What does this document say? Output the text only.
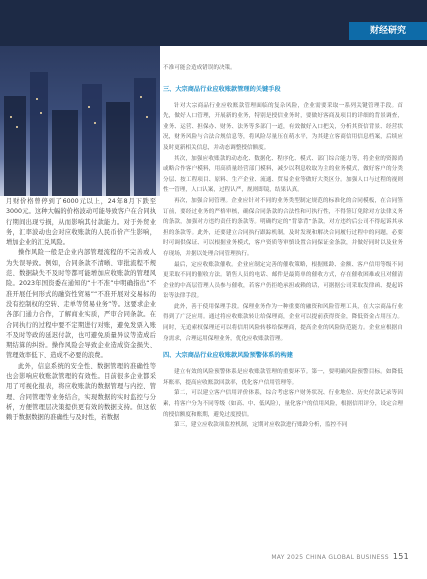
财经研究

月财价格曾停到了6000元以上，24年8月下跌至3000元。这种大幅的价格波动可能导致客户在合同执行期间出现亏损，从而影响其付款能力。对于外贸业务，汇率波动也会对应收账款的人民币价产生影响，增加企业的汇兑风险。

操作风险一般是企业内部管理流程的不完善或人为失误导致。例如，合同条款不清晰、审批流程不规范、数据缺失不及时等都可能增加应收账款的管理风险。2023年国资委在通知的“十不准”中明确指出“不准开展任何形式的融资性贸易”“不准开展对交易标的没有控制权的空转、走单等贸易业务”等。这要求企业各部门通力合作，了解商业实质，严审合同条款。在合同执行的过程中要不定期进行对账，避免发票入账不及时等政的延迟付款，也可避免质量异议等造成后期结算的纠纷。操作风险会导致企业造成资金损失、管理效率低下、造成不必要的浪费。

此外，信息系统的安全性、数据管理的准确性等也会影响应收账款管理的有效性。目前很多企业都采用了可视化报表，将应收账款的数据管理与内控、管理、合同管理等业务结合，实现数据的实时监控与分析，方便管理层决策提供更有效的数据支持。但这依赖于数据数据的准确性与及时性，若数据

不准可能会造成错误的决策。

三、大宗商品行业应收账款管理的关键手段

针对大宗商品行业应收账款管理面临的复杂风险，企业需要采取一系列关键管理手段。首先，做好人口管理，开展新的业务，特别是授信业务时，要做好客商及项目的详细的背景调查，业务、运营、担保办、财务、法务等多部门一道，有效做好入口把关，分析其资信背景、经营状况，财务风险与合法合规信息等，将风险尽量压在萌水平，为其建立客商信用信息档案，后续应及时更新相关信息，并动态调整授信额度。

其次，加强应收账款的动态化、数据化、程序化、模式、部门综合能力等，将企业的资源尚或略合作客户模料，用高质量经营部门模料，减少以利息收取为主的业务模式，做好客户的分类分层、按工程项目、原料、生产企业、流通、贸易企业等做好大类区分。加强人口与过程的视则性一管理，人口认案，过程认严，规则即镜，结果认真。

再次，加强合同管理。企业应针对不同的业务类型制定规范的标准化的合同模板，在合同签订前，要经过业务的严格审核，确保合同条款的合法性和可执行性，不得签订免除对方法律义务的条款，加强对方违约责任的条款等。明确约定的“背靠背”条款，对方违约后公司不得起诉其承担的条款等。此外，还要建立合同执行跟踪机制，及时发现和解决合同履行过程中的问题，必要时可调供保证、可以根据业务模式，客户资质等审慎设置合同保证金条款，并做好同时以及业务存现场，并据以处理合同管理执行。

最后，定应收账款催收。企业应制定完善的催收策略，根据账龄、金额、客户信用等级不同更采取不同的催收方法。销售人员的电话、邮件是最简单的催收方式，存在催收困难或且对催清企业的中高层管理人员参与催收，若客户仍拒绝承担或赖的话，可据据公司采取发律函、提起诉讼等法律手段。

此外，善于使用保理手段。保理业务作为一种重要的融资和风险管理工具，在大宗商品行业得到了广泛应用。通过将应收账款转让给保理商，企业可以提前获得资金，降低资金占用压力。同时，无追索权保理还可以将信用风险转移给保理商，提高企业的风险防范能力。企业应根据自身需求，合理运用保理业务，优化应收账款管理。

四、大宗商品行业应收账款风险预警体系的构建

建立有效的风险预警体系是应收账款管理的重要环节。第一，要明确风险预警目标。如降低坏账率，提高应收账款回款率，优化客户信用管理等。

第二，可以建立客户信用评价体系，综合考虑客户财务状况、行业地位、历史付款记录等因素，将客户分为不同等级（如高、中、低风险），量化客户的信用风险，根据信用评分，设定合理的授信额度和账期，避免过度授信。

第三，建立应收款项监控机制，定期对应收款进行账龄分析，监控不同

MAY 2025 CHINA GLOBAL BUSINESS 151
